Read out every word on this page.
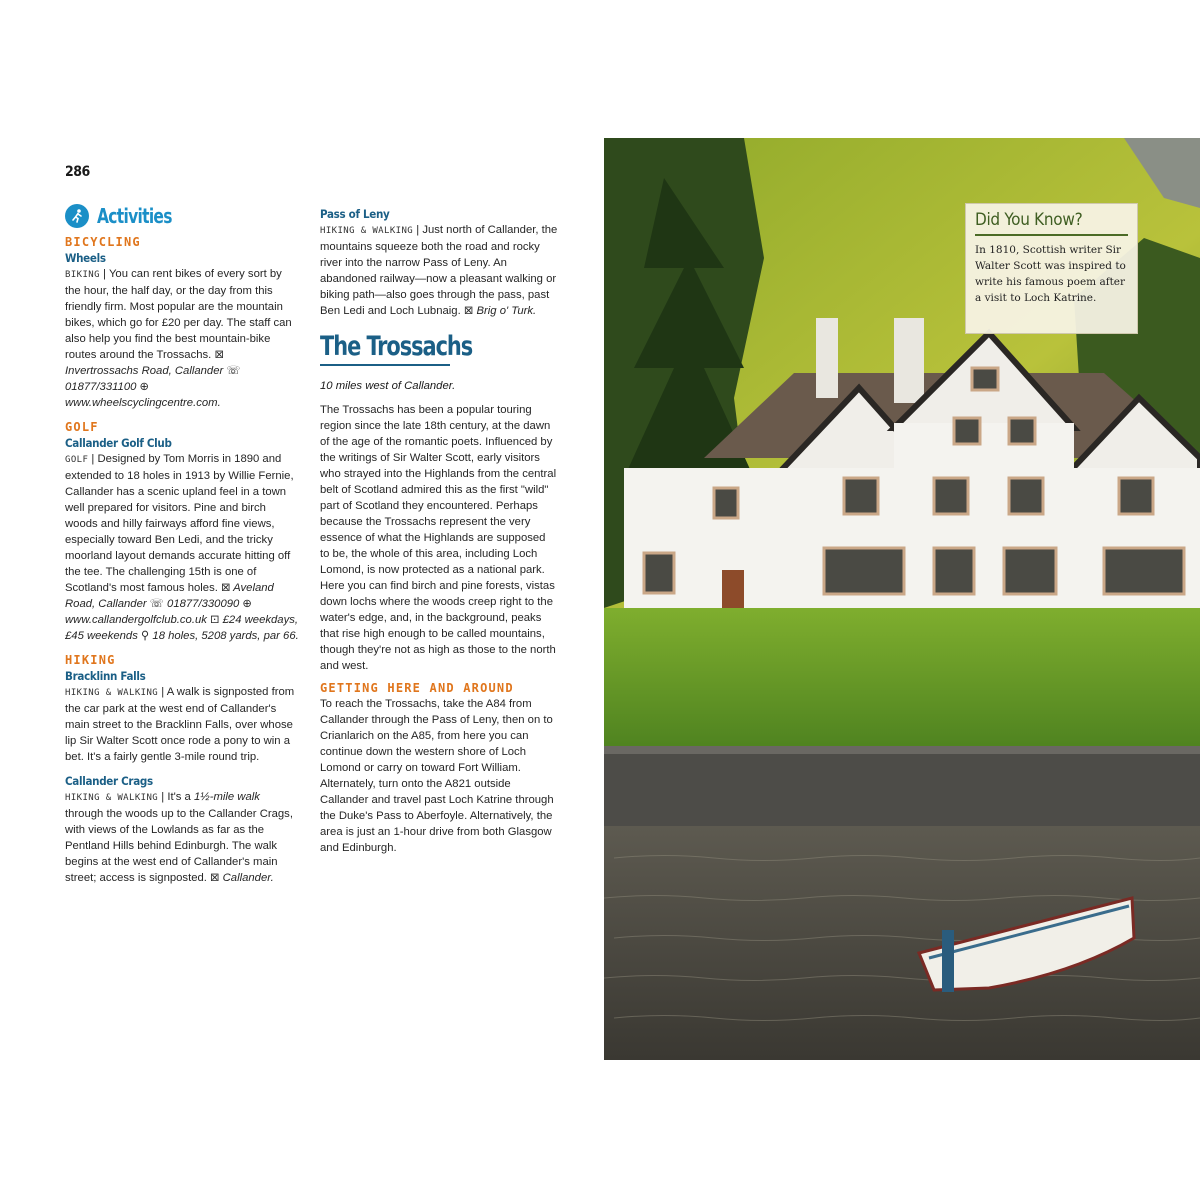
286
Activities
BICYCLING
Wheels
BIKING | You can rent bikes of every sort by the hour, the half day, or the day from this friendly firm. Most popular are the mountain bikes, which go for £20 per day. The staff can also help you find the best mountain-bike routes around the Trossachs. ⊠ Invertrossachs Road, Callander ☏ 01877/331100 ⊕ www.wheelscyclingcentre.com.
GOLF
Callander Golf Club
GOLF | Designed by Tom Morris in 1890 and extended to 18 holes in 1913 by Willie Fernie, Callander has a scenic upland feel in a town well prepared for visitors. Pine and birch woods and hilly fairways afford fine views, especially toward Ben Ledi, and the tricky moorland layout demands accurate hitting off the tee. The challenging 15th is one of Scotland's most famous holes. ⊠ Aveland Road, Callander ☏ 01877/330090 ⊕ www.callandergolfclub.co.uk ⊡ £24 weekdays, £45 weekends ⚲ 18 holes, 5208 yards, par 66.
HIKING
Bracklinn Falls
HIKING & WALKING | A walk is signposted from the car park at the west end of Callander's main street to the Bracklinn Falls, over whose lip Sir Walter Scott once rode a pony to win a bet. It's a fairly gentle 3-mile round trip.
Callander Crags
HIKING & WALKING | It's a 1½-mile walk through the woods up to the Callander Crags, with views of the Lowlands as far as the Pentland Hills behind Edinburgh. The walk begins at the west end of Callander's main street; access is signposted. ⊠ Callander.
Pass of Leny
HIKING & WALKING | Just north of Callander, the mountains squeeze both the road and rocky river into the narrow Pass of Leny. An abandoned railway—now a pleasant walking or biking path—also goes through the pass, past Ben Ledi and Loch Lubnaig. ⊠ Brig o' Turk.
The Trossachs
10 miles west of Callander.
The Trossachs has been a popular touring region since the late 18th century, at the dawn of the age of the romantic poets. Influenced by the writings of Sir Walter Scott, early visitors who strayed into the Highlands from the central belt of Scotland admired this as the first "wild" part of Scotland they encountered. Perhaps because the Trossachs represent the very essence of what the Highlands are supposed to be, the whole of this area, including Loch Lomond, is now protected as a national park. Here you can find birch and pine forests, vistas down lochs where the woods creep right to the water's edge, and, in the background, peaks that rise high enough to be called mountains, though they're not as high as those to the north and west.
GETTING HERE AND AROUND
To reach the Trossachs, take the A84 from Callander through the Pass of Leny, then on to Crianlarich on the A85, from here you can continue down the western shore of Loch Lomond or carry on toward Fort William. Alternately, turn onto the A821 outside Callander and travel past Loch Katrine through the Duke's Pass to Aberfoyle. Alternatively, the area is just an 1-hour drive from both Glasgow and Edinburgh.
Did You Know?
In 1810, Scottish writer Sir Walter Scott was inspired to write his famous poem after a visit to Loch Katrine.
